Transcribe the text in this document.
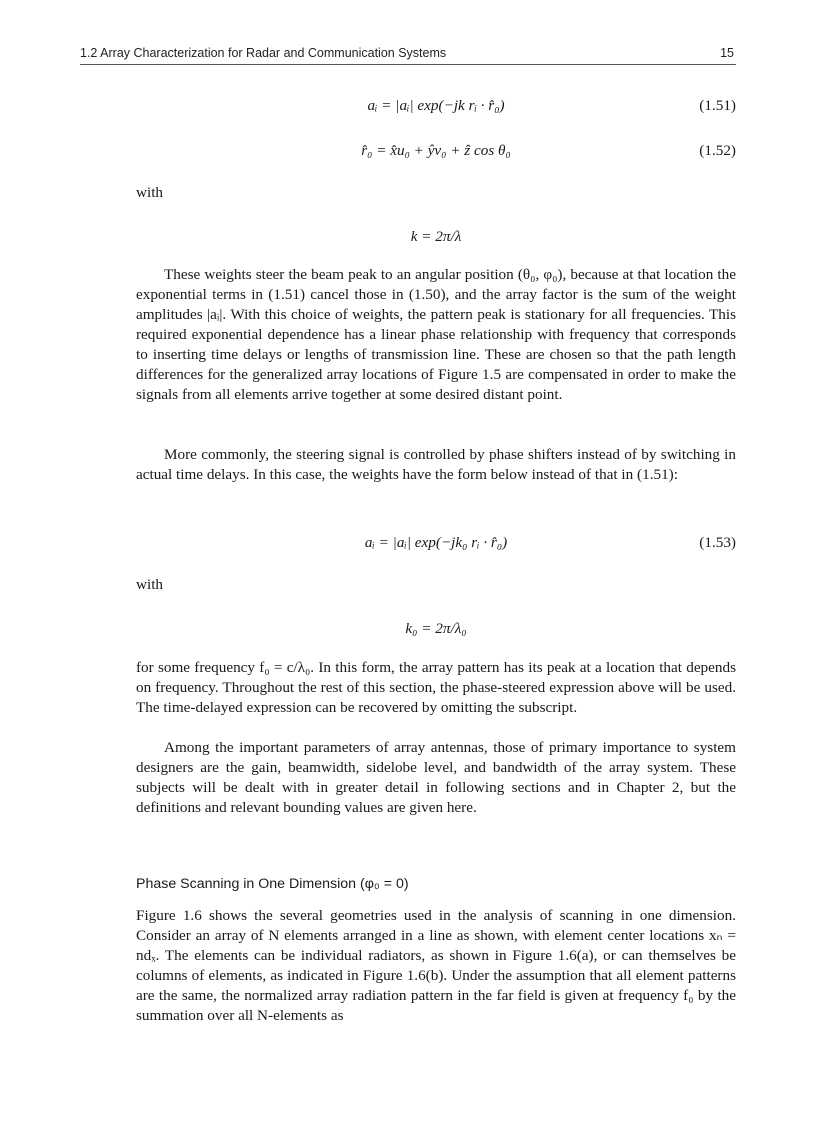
1.2 Array Characterization for Radar and Communication Systems	15
aᵢ = |aᵢ| exp(−jk rᵢ · r̂₀)	(1.51)
r̂₀ = x̂u₀ + ŷv₀ + ẑ cos θ₀	(1.52)
with
k = 2π/λ

These weights steer the beam peak to an angular position (θ₀, φ₀), because at that location the exponential terms in (1.51) cancel those in (1.50), and the array factor is the sum of the weight amplitudes |aᵢ|. With this choice of weights, the pattern peak is stationary for all frequencies. This required exponential dependence has a linear phase relationship with frequency that corresponds to inserting time delays or lengths of transmission line. These are chosen so that the path length differences for the generalized array locations of Figure 1.5 are compensated in order to make the signals from all elements arrive together at some desired distant point.

More commonly, the steering signal is controlled by phase shifters instead of by switching in actual time delays. In this case, the weights have the form below instead of that in (1.51):

aᵢ = |aᵢ| exp(−jk₀ rᵢ · r̂₀)	(1.53)
with
k₀ = 2π/λ₀

for some frequency f₀ = c/λ₀. In this form, the array pattern has its peak at a location that depends on frequency. Throughout the rest of this section, the phase-steered expression above will be used. The time-delayed expression can be recovered by omitting the subscript.

Among the important parameters of array antennas, those of primary importance to system designers are the gain, beamwidth, sidelobe level, and bandwidth of the array system. These subjects will be dealt with in greater detail in following sections and in Chapter 2, but the definitions and relevant bounding values are given here.

Phase Scanning in One Dimension (φ₀ = 0)

Figure 1.6 shows the several geometries used in the analysis of scanning in one dimension. Consider an array of N elements arranged in a line as shown, with element center locations xₙ = ndₓ. The elements can be individual radiators, as shown in Figure 1.6(a), or can themselves be columns of elements, as indicated in Figure 1.6(b). Under the assumption that all element patterns are the same, the normalized array radiation pattern in the far field is given at frequency f₀ by the summation over all N-elements as
